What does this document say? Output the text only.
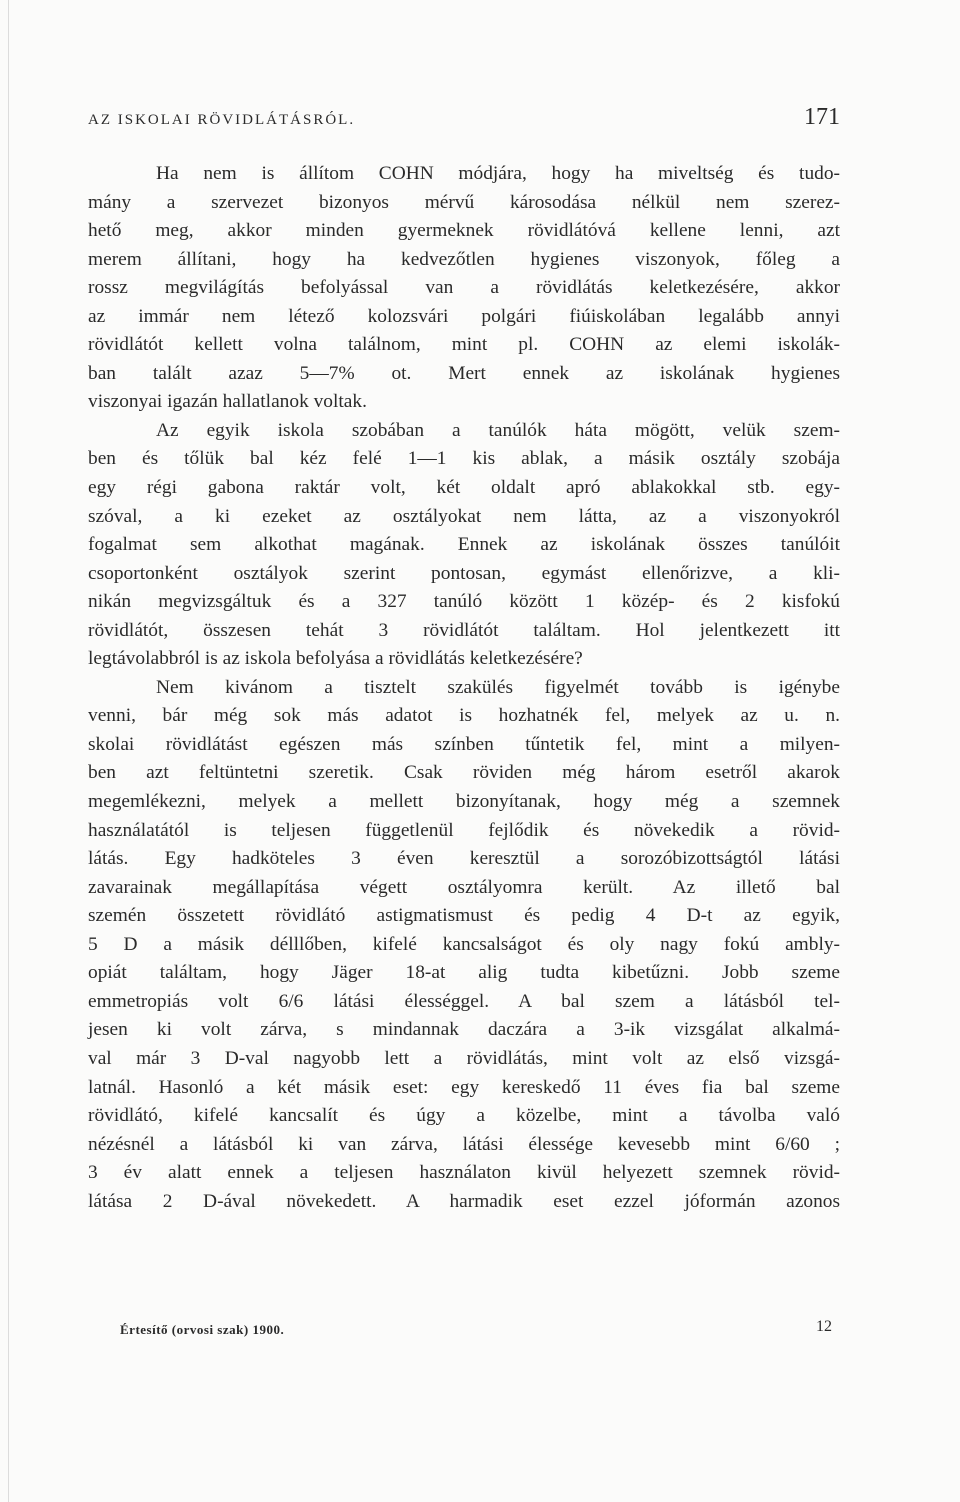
AZ ISKOLAI RÖVIDLÁTÁSRÓL.	171
Ha nem is állítom COHN módjára, hogy ha miveltség és tudo-
mány a szervezet bizonyos mérvű károsodása nélkül nem szerez-
hető meg, akkor minden gyermeknek rövidlátóvá kellene lenni, azt
merem állítani, hogy ha kedvezőtlen hygienes viszonyok, főleg a
rossz megvilágítás befolyással van a rövidlátás keletkezésére, akkor
az immár nem létező kolozsvári polgári fiúiskolában legalább annyi
rövidlátót kellett volna találnom, mint pl. COHN az elemi iskolák-
ban talált azaz 5—7% ot. Mert ennek az iskolának hygienes
viszonyai igazán hallatlanok voltak.
Az egyik iskola szobában a tanúlók háta mögött, velük szem-
ben és tőlük bal kéz felé 1—1 kis ablak, a másik osztály szobája
egy régi gabona raktár volt, két oldalt apró ablakokkal stb. egy-
szóval, a ki ezeket az osztályokat nem látta, az a viszonyokról
fogalmat sem alkothat magának. Ennek az iskolának összes tanúlóit
csoportonként osztályok szerint pontosan, egymást ellenőrizve, a kli-
nikán megvizsgáltuk és a 327 tanúló között 1 közép- és 2 kisfokú
rövidlátót, összesen tehát 3 rövidlátót találtam. Hol jelentkezett itt
legtávolabbról is az iskola befolyása a rövidlátás keletkezésére?
Nem kivánom a tisztelt szakülés figyelmét tovább is igénybe
venni, bár még sok más adatot is hozhatnék fel, melyek az u. n.
skolai rövidlátást egészen más színben tűntetik fel, mint a milyen-
ben azt feltüntetni szeretik. Csak röviden még három esetről akarok
megemlékezni, melyek a mellett bizonyítanak, hogy még a szemnek
használatától is teljesen függetlenül fejlődik és növekedik a rövid-
látás. Egy hadköteles 3 éven keresztül a sorozóbizottságtól látási
zavarainak megállapítása végett osztályomra került. Az illető bal
szemén összetett rövidlátó astigmatismust és pedig 4 D-t az egyik,
5 D a másik délllőben, kifelé kancsalságot és oly nagy fokú ambly-
opiát találtam, hogy Jäger 18-at alig tudta kibetűzni. Jobb szeme
emmetropiás volt 6/6 látási élességgel. A bal szem a látásból tel-
jesen ki volt zárva, s mindannak daczára a 3-ik vizsgálat alkalmá-
val már 3 D-val nagyobb lett a rövidlátás, mint volt az első vizsgá-
latnál. Hasonló a két másik eset: egy kereskedő 11 éves fia bal szeme
rövidlátó, kifelé kancsalít és úgy a közelbe, mint a távolba való
nézésnél a látásból ki van zárva, látási élessége kevesebb mint 6/60 ;
3 év alatt ennek a teljesen használaton kivül helyezett szemnek rövid-
látása 2 D-ával növekedett. A harmadik eset ezzel jóformán azonos
Értesítő (orvosi szak) 1900.	12
